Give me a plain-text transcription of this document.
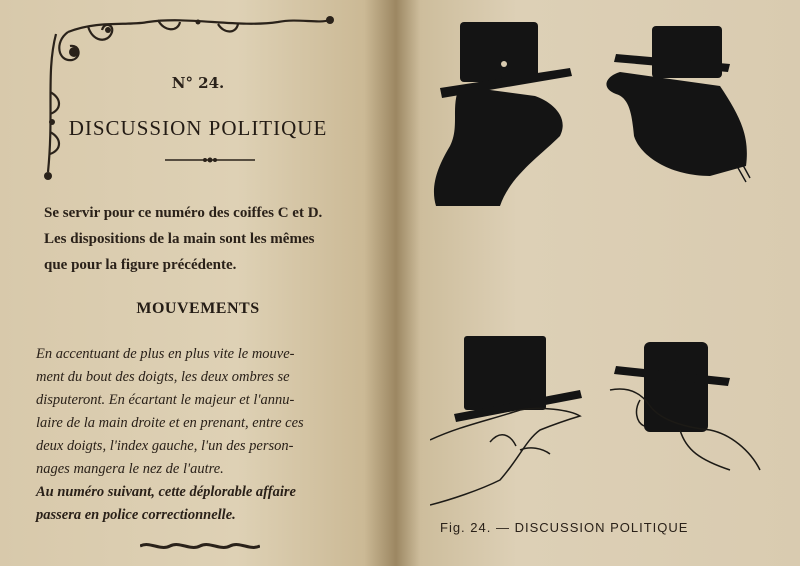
N° 24.
DISCUSSION POLITIQUE

Se servir pour ce numéro des coiffes C et D.
Les dispositions de la main sont les mêmes
que pour la figure précédente.

MOUVEMENTS

En accentuant de plus en plus vite le mouve-
ment du bout des doigts, les deux ombres se
disputeront. En écartant le majeur et l'annu-
laire de la main droite et en prenant, entre ces
deux doigts, l'index gauche, l'un des person-
nages mangera le nez de l'autre.
Au numéro suivant, cette déplorable affaire
passera en police correctionnelle.

Fig. 24. — DISCUSSION POLITIQUE
